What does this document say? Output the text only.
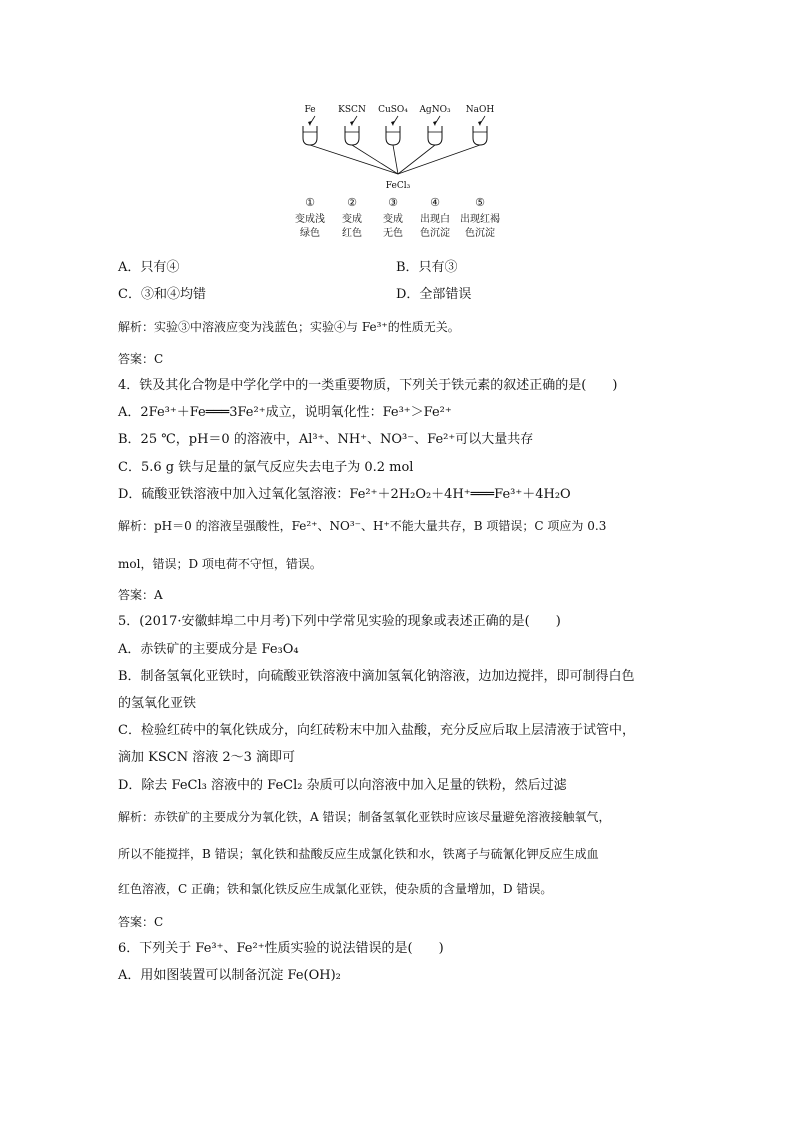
Fe	KSCN CuSO₄ AgNO₃ NaOH
FeCl₃
①
变成浅
绿色
②
变成
红色
③
变成
无色
④
出现白
色沉淀
⑤
出现红褐
色沉淀
A．只有④	B．只有③
C．③和④均错	D．全部错误
解析：实验③中溶液应变为浅蓝色；实验④与 Fe³⁺的性质无关。
答案：C
4．铁及其化合物是中学化学中的一类重要物质，下列关于铁元素的叙述正确的是(　　)
A．2Fe³⁺＋Fe═══3Fe²⁺成立，说明氧化性：Fe³⁺＞Fe²⁺
B．25 ℃，pH＝0 的溶液中，Al³⁺、NH⁺、NO³⁻、Fe²⁺可以大量共存
C．5.6 g 铁与足量的氯气反应失去电子为 0.2 mol
D．硫酸亚铁溶液中加入过氧化氢溶液：Fe²⁺＋2H₂O₂＋4H⁺═══Fe³⁺＋4H₂O
解析：pH＝0 的溶液呈强酸性，Fe²⁺、NO³⁻、H⁺不能大量共存，B 项错误；C 项应为 0.3
mol，错误；D 项电荷不守恒，错误。
答案：A
5．(2017·安徽蚌埠二中月考)下列中学常见实验的现象或表述正确的是(　　)
A．赤铁矿的主要成分是 Fe₃O₄
B．制备氢氧化亚铁时，向硫酸亚铁溶液中滴加氢氧化钠溶液，边加边搅拌，即可制得白色
的氢氧化亚铁
C．检验红砖中的氧化铁成分，向红砖粉末中加入盐酸，充分反应后取上层清液于试管中，
滴加 KSCN 溶液 2～3 滴即可
D．除去 FeCl₃ 溶液中的 FeCl₂ 杂质可以向溶液中加入足量的铁粉，然后过滤
解析：赤铁矿的主要成分为氧化铁，A 错误；制备氢氧化亚铁时应该尽量避免溶液接触氧气，
所以不能搅拌，B 错误；氧化铁和盐酸反应生成氯化铁和水，铁离子与硫氰化钾反应生成血
红色溶液，C 正确；铁和氯化铁反应生成氯化亚铁，使杂质的含量增加，D 错误。
答案：C
6．下列关于 Fe³⁺、Fe²⁺性质实验的说法错误的是(　　)
A．用如图装置可以制备沉淀 Fe(OH)₂
